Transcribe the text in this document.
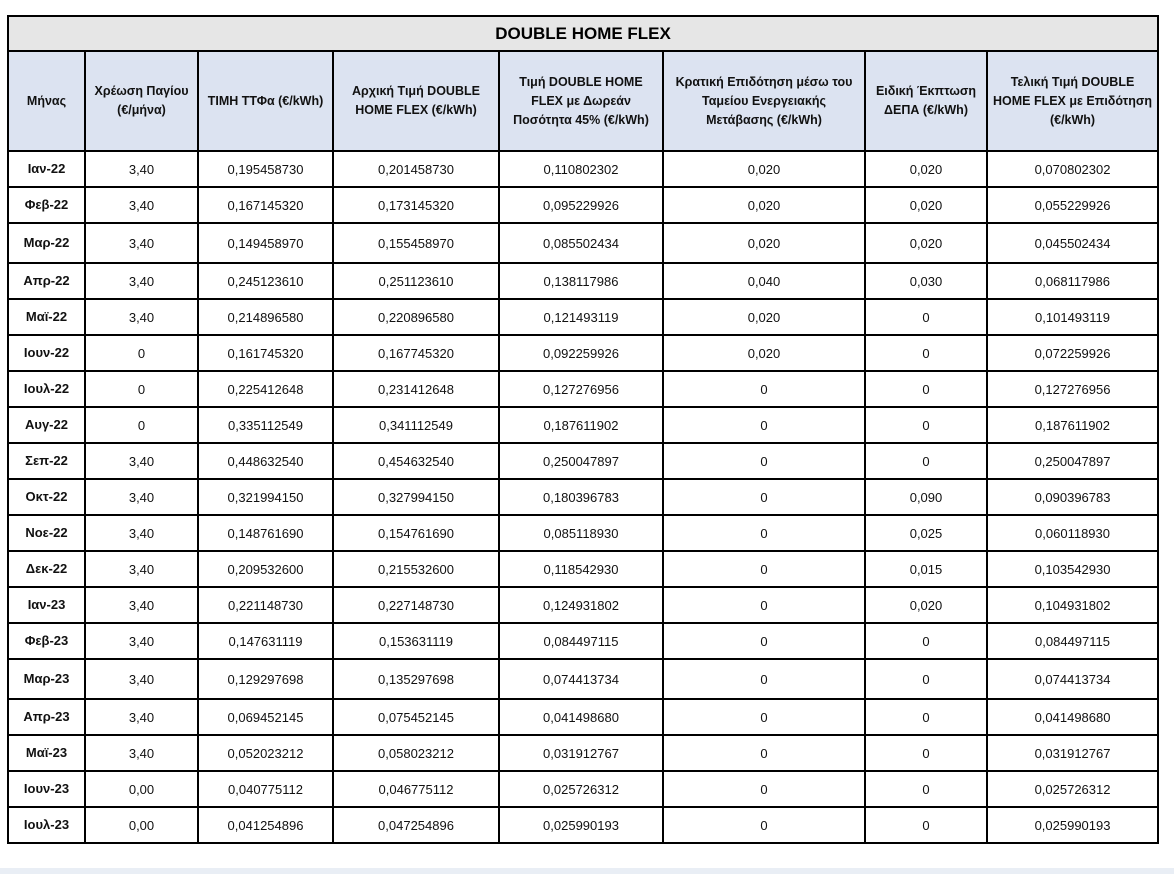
DOUBLE HOME FLEX							
Μήνας	Χρέωση Παγίου (€/μήνα)	ΤΙΜΗ ΤΤΦα (€/kWh)	Αρχική Τιμή DOUBLE HOME FLEX (€/kWh)	Τιμή DOUBLE HOME FLEX με Δωρεάν Ποσότητα 45% (€/kWh)	Κρατική Επιδότηση μέσω του Ταμείου Ενεργειακής Μετάβασης (€/kWh)	Ειδική Έκπτωση ΔΕΠΑ (€/kWh)	Τελική Τιμή DOUBLE HOME FLEX με Επιδότηση (€/kWh)
Ιαν-22	3,40	0,195458730	0,201458730	0,110802302	0,020	0,020	0,070802302
Φεβ-22	3,40	0,167145320	0,173145320	0,095229926	0,020	0,020	0,055229926
Μαρ-22	3,40	0,149458970	0,155458970	0,085502434	0,020	0,020	0,045502434
Απρ-22	3,40	0,245123610	0,251123610	0,138117986	0,040	0,030	0,068117986
Μαϊ-22	3,40	0,214896580	0,220896580	0,121493119	0,020	0	0,101493119
Ιουν-22	0	0,161745320	0,167745320	0,092259926	0,020	0	0,072259926
Ιουλ-22	0	0,225412648	0,231412648	0,127276956	0	0	0,127276956
Αυγ-22	0	0,335112549	0,341112549	0,187611902	0	0	0,187611902
Σεπ-22	3,40	0,448632540	0,454632540	0,250047897	0	0	0,250047897
Οκτ-22	3,40	0,321994150	0,327994150	0,180396783	0	0,090	0,090396783
Νοε-22	3,40	0,148761690	0,154761690	0,085118930	0	0,025	0,060118930
Δεκ-22	3,40	0,209532600	0,215532600	0,118542930	0	0,015	0,103542930
Ιαν-23	3,40	0,221148730	0,227148730	0,124931802	0	0,020	0,104931802
Φεβ-23	3,40	0,147631119	0,153631119	0,084497115	0	0	0,084497115
Μαρ-23	3,40	0,129297698	0,135297698	0,074413734	0	0	0,074413734
Απρ-23	3,40	0,069452145	0,075452145	0,041498680	0	0	0,041498680
Μαϊ-23	3,40	0,052023212	0,058023212	0,031912767	0	0	0,031912767
Ιουν-23	0,00	0,040775112	0,046775112	0,025726312	0	0	0,025726312
Ιουλ-23	0,00	0,041254896	0,047254896	0,025990193	0	0	0,025990193
